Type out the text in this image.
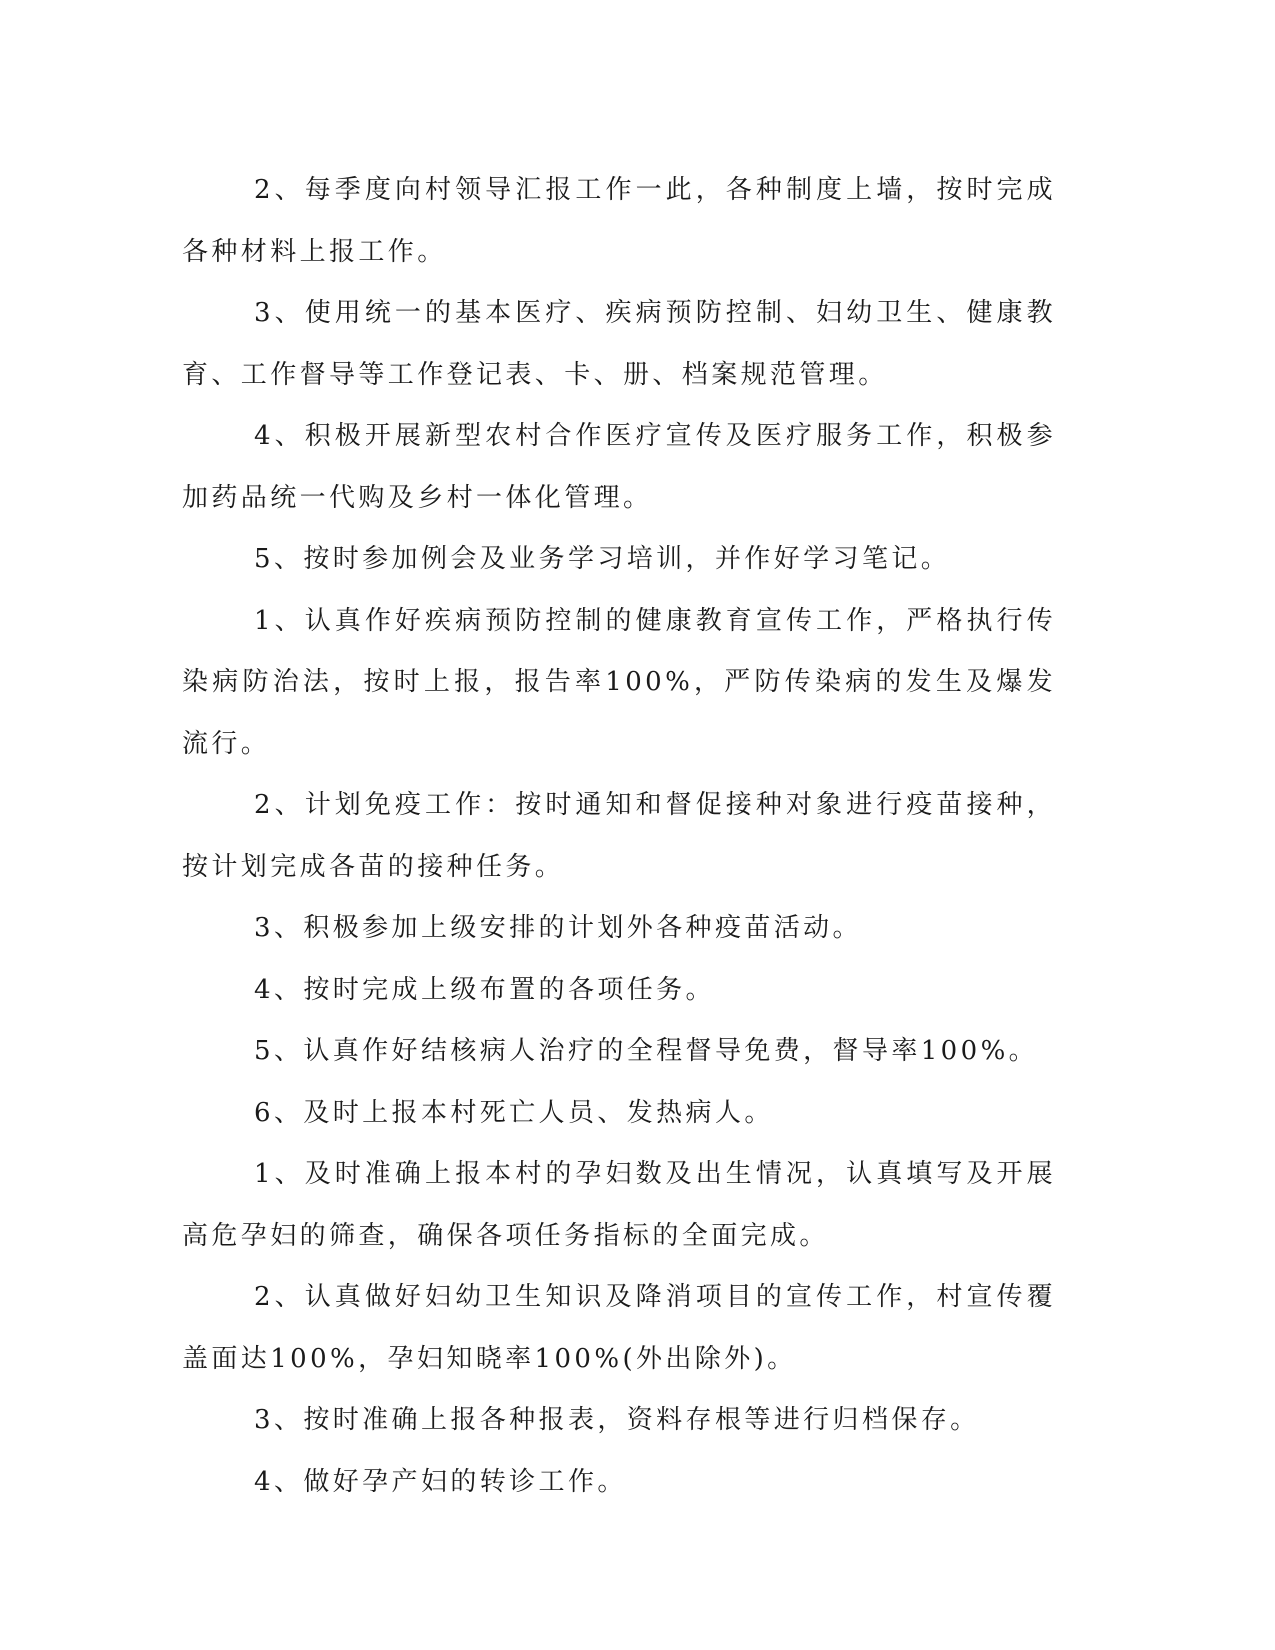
2、每季度向村领导汇报工作一此，各种制度上墙，按时完成各种材料上报工作。

3、使用统一的基本医疗、疾病预防控制、妇幼卫生、健康教育、工作督导等工作登记表、卡、册、档案规范管理。

4、积极开展新型农村合作医疗宣传及医疗服务工作，积极参加药品统一代购及乡村一体化管理。

5、按时参加例会及业务学习培训，并作好学习笔记。

1、认真作好疾病预防控制的健康教育宣传工作，严格执行传染病防治法，按时上报，报告率100%，严防传染病的发生及爆发流行。

2、计划免疫工作：按时通知和督促接种对象进行疫苗接种，按计划完成各苗的接种任务。

3、积极参加上级安排的计划外各种疫苗活动。

4、按时完成上级布置的各项任务。

5、认真作好结核病人治疗的全程督导免费，督导率100%。

6、及时上报本村死亡人员、发热病人。

1、及时准确上报本村的孕妇数及出生情况，认真填写及开展高危孕妇的筛查，确保各项任务指标的全面完成。

2、认真做好妇幼卫生知识及降消项目的宣传工作，村宣传覆盖面达100%，孕妇知晓率100%(外出除外)。

3、按时准确上报各种报表，资料存根等进行归档保存。

4、做好孕产妇的转诊工作。
